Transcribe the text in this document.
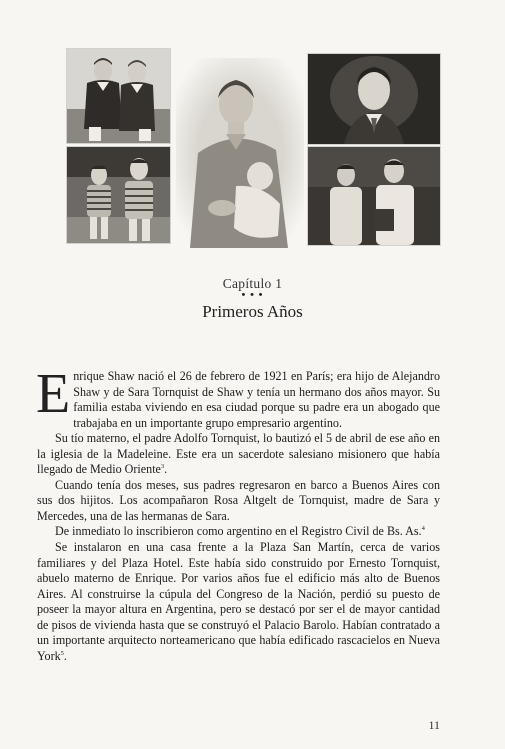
Capítulo 1
• • •
Primeros Años

Enrique Shaw nació el 26 de febrero de 1921 en París; era hijo de Alejandro Shaw y de Sara Tornquist de Shaw y tenía un hermano dos años mayor. Su familia estaba viviendo en esa ciudad porque su padre era un abogado que trabajaba en un importante grupo empresario argentino.

Su tío materno, el padre Adolfo Tornquist, lo bautizó el 5 de abril de ese año en la iglesia de la Madeleine. Este era un sacerdote salesiano misionero que había llegado de Medio Oriente$^3$.

Cuando tenía dos meses, sus padres regresaron en barco a Buenos Aires con sus dos hijitos. Los acompañaron Rosa Altgelt de Tornquist, madre de Sara y Mercedes, una de las hermanas de Sara.

De inmediato lo inscribieron como argentino en el Registro Civil de Bs. As.$^4$

Se instalaron en una casa frente a la Plaza San Martín, cerca de varios familiares y del Plaza Hotel. Este había sido construido por Ernesto Tornquist, abuelo materno de Enrique. Por varios años fue el edificio más alto de Buenos Aires. Al construirse la cúpula del Congreso de la Nación, perdió su puesto de poseer la mayor altura en Argentina, pero se destacó por ser el de mayor cantidad de pisos de vivienda hasta que se construyó el Palacio Barolo. Habían contratado a un importante arquitecto norteamericano que había edificado rascacielos en Nueva York$^5$.

11
